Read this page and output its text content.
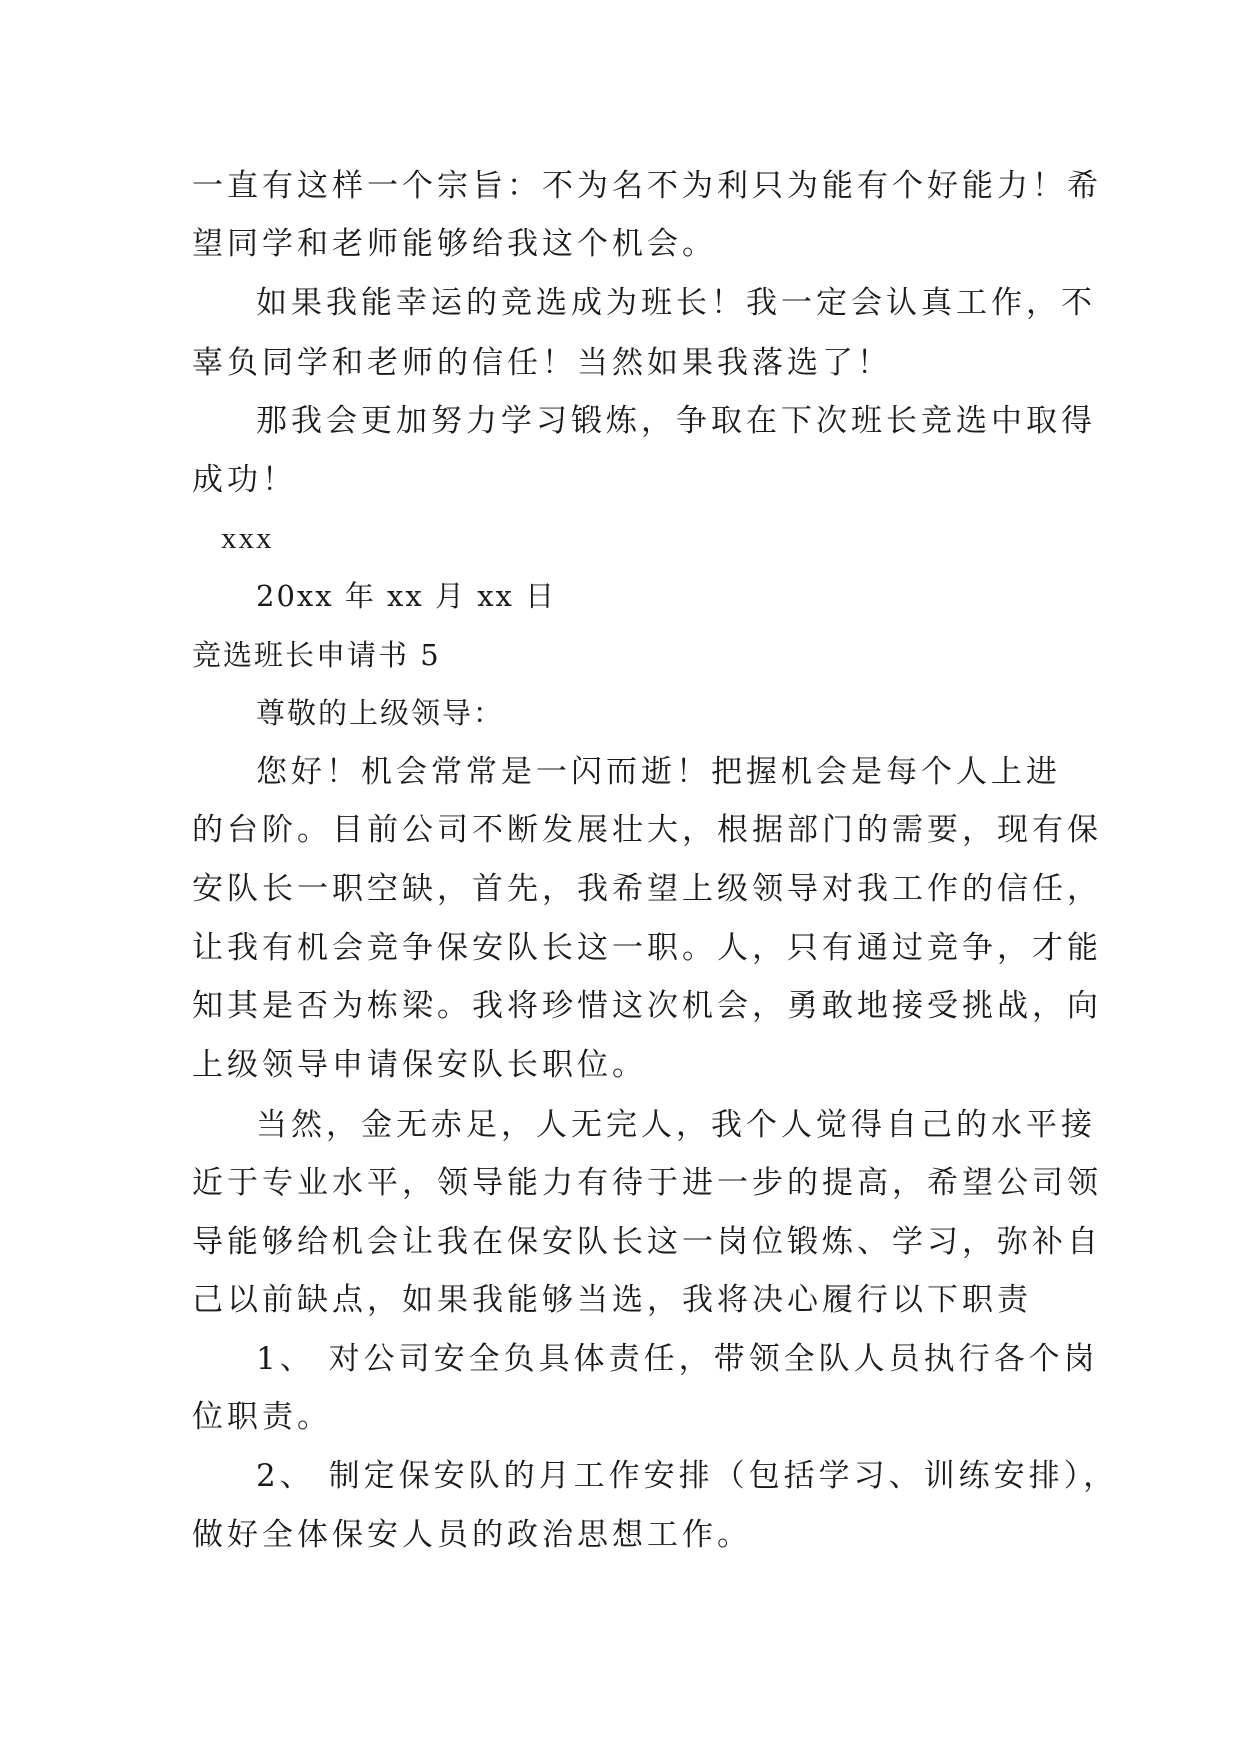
一直有这样一个宗旨：不为名不为利只为能有个好能力！希
望同学和老师能够给我这个机会。
如果我能幸运的竞选成为班长！我一定会认真工作，不
辜负同学和老师的信任！当然如果我落选了！
那我会更加努力学习锻炼，争取在下次班长竞选中取得
成功！
xxx
20xx 年 xx 月 xx 日
竞选班长申请书 5
尊敬的上级领导：
您好！机会常常是一闪而逝！把握机会是每个人上进
的台阶。目前公司不断发展壮大，根据部门的需要，现有保
安队长一职空缺，首先，我希望上级领导对我工作的信任，
让我有机会竞争保安队长这一职。人，只有通过竞争，才能
知其是否为栋梁。我将珍惜这次机会，勇敢地接受挑战，向
上级领导申请保安队长职位。
当然，金无赤足，人无完人，我个人觉得自己的水平接
近于专业水平，领导能力有待于进一步的提高，希望公司领
导能够给机会让我在保安队长这一岗位锻炼、学习，弥补自
己以前缺点，如果我能够当选，我将决心履行以下职责
1、 对公司安全负具体责任，带领全队人员执行各个岗
位职责。
2、 制定保安队的月工作安排（包括学习、训练安排），
做好全体保安人员的政治思想工作。
